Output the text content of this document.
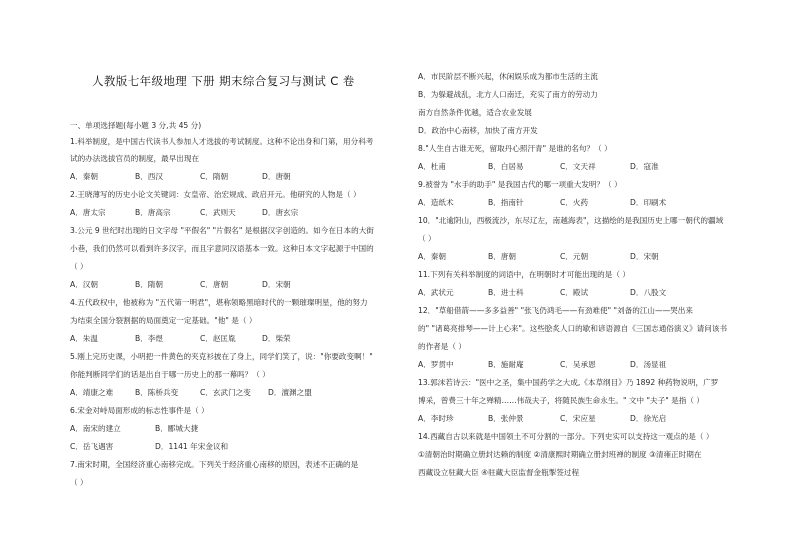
人教版七年级地理 下册 期末综合复习与测试 C 卷
一、单项选择题(每小题 3 分,共 45 分)
1.科举制度，是中国古代读书人参加人才选拔的考试制度。这种不论出身和门第，用分科考
试的办法选拔官员的制度，最早出现在
A．秦朝	B．西汉	C．隋朝	D．唐朝
2.王晓薄写的历史小论文关键词：女皇帝、治宏规成、政启开元。他研究的人物是（ ）
A．唐太宗	B．唐高宗	C．武则天	D．唐玄宗
3.公元 9 世纪时出现的日文字母 "平假名" "片假名" 是根据汉字创造的。如今在日本的大街
小巷，我们仍然可以看到许多汉字，而且字意同汉语基本一致。这种日本文字起源于中国的
（ ）
A．汉朝	B．隋朝	C．唐朝	D．宋朝
4.五代政权中，他被称为 "五代第一明君"，堪称领略黑暗时代的一颗璀璨明星，他的努力
为结束全国分裂割据的局面奠定一定基础。"他" 是（ ）
A．朱温	B．李煜	C．赵匡胤	D．柴荣
5.刚上完历史课，小明把一件黄色的夹克衫披在了身上，同学们笑了，说："你要政变啊！"
你能判断同学们的话是出自于哪一历史上的那一幕吗？（ ）
A．靖康之难	B．陈桥兵变	C．玄武门之变 D．澶渊之盟
6.宋金对峙局面形成的标志性事件是（ ）
A．南宋的建立	B．郾城大捷
C．岳飞遇害	D．1141 年宋金议和
7.南宋时期，全国经济重心南移完成。下列关于经济重心南移的原因，表述不正确的是
（ ）
A．市民阶层不断兴起，休闲娱乐成为都市生活的主流
B．为躲避战乱，北方人口南迁，充实了南方的劳动力
南方自然条件优越，适合农业发展
D．政治中心南移，加快了南方开发
8."人生自古谁无死，留取丹心照汗青" 是谁的名句？（ ）
A．杜甫	B．白居易	C．文天祥	D．寇准
9.被誉为 "水手的助手" 是我国古代的哪一项重大发明？（ ）
A．造纸术	B．指南针	C．火药	D．印刷术
10．"北逾阴山，西极流沙，东尽辽左，南越海表"，这描绘的是我国历史上哪一朝代的疆域
（ ）
A．秦朝	B．唐朝	C．元朝	D．宋朝
11.下列有关科举制度的词语中，在明朝时才可能出现的是（ ）
A．武状元	B．进士科	C．殿试	D．八股文
12．"草船借箭——多多益善" "张飞仍鸿毛——有劲难使" "刘备的江山——哭出来
的" "诸葛亮排琴——计上心来"。这些脍炙人口的歇和谚语源自《三国志通俗演义》请问该书
的作者是（ ）
A．罗贯中	B．施耐庵	C．吴承恩	D．汤显祖
13.郭沫若诗云："医中之圣，集中国药学之大成,《本草纲目》乃 1892 种药物说明，广罗
博采，曾费三十年之殚精……伟哉夫子，将随民族生命永生。" 文中 "夫子" 是指（ ）
A．李时珍	B．张仲景	C．宋应星	D．徐光启
14.西藏自古以来就是中国领土不可分割的一部分。下列史实可以支持这一观点的是（ ）
①清朝治时期确立册封达赖的制度 ②清康熙时期确立册封班禅的制度 ③清雍正时期在
西藏设立驻藏大臣 ④驻藏大臣监督金瓶掣签过程
